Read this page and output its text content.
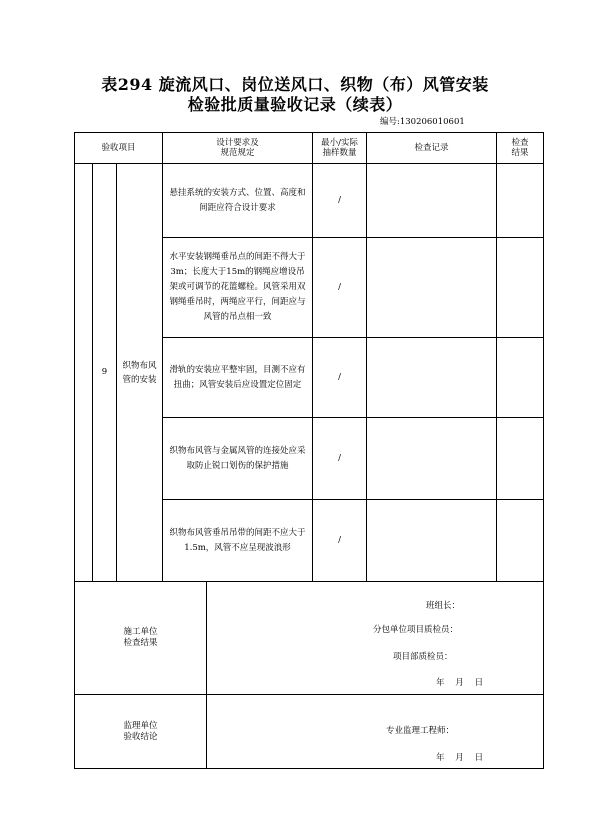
表294 旋流风口、岗位送风口、织物（布）风管安装
检验批质量验收记录（续表）
编号:130206010601
验收项目	设计要求及
规范规定
最小/实际
抽样数量
检查记录	检查
结果
9
织物布风
管的安装
悬挂系统的安装方式、位置、高度和
间距应符合设计要求
/
水平安装钢绳垂吊点的间距不得大于
3m；长度大于15m的钢绳应增设吊
架或可调节的花篮螺栓。风管采用双
钢绳垂吊时，两绳应平行，间距应与
风管的吊点相一致
/
滑轨的安装应平整牢固，目测不应有
扭曲；风管安装后应设置定位固定
/
织物布风管与金属风管的连接处应采
取防止锐口划伤的保护措施
/
织物布风管垂吊吊带的间距不应大于
1.5m，风管不应呈现波浪形
/
施工单位
检查结果
班组长：
分包单位项目质检员：
项目部质检员：
年    月    日
监理单位
验收结论
专业监理工程师：
年    月    日
